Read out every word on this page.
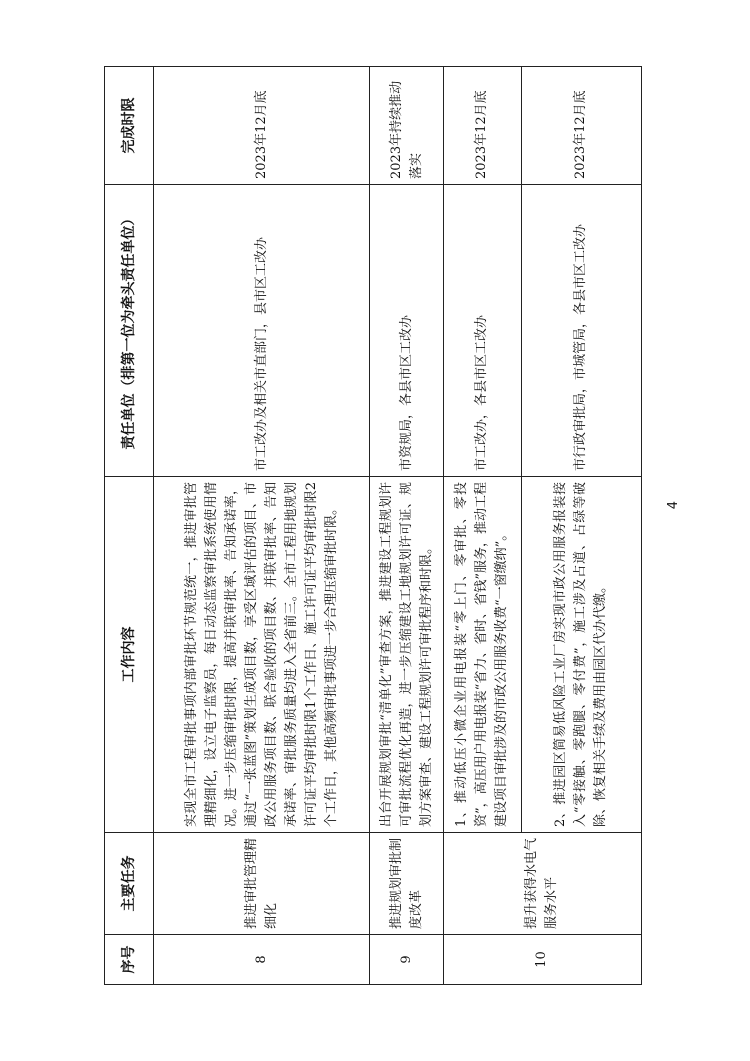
序号	主要任务	工作内容	责任单位（排第一位为牵头责任单位）	完成时限
8	推进审批管理精细化	实现全市工程审批事项内部审批环节规范统一，推进审批管理精细化，设立电子监察员，每日动态监察审批系统使用情况。进一步压缩审批时限，提高并联审批率、告知承诺率，通过“一张蓝图”策划生成项目数，享受区域评估的项目、市政公用服务项目数、联合验收的项目数、并联审批率、告知承诺率、审批服务质量均进入全省前三。全市工程用地规划许可证平均审批时限1个工作日、施工许可证平均审批时限2个工作日，其他高频审批事项进一步合理压缩审批时限。	市工改办及相关市直部门，县市区工改办	2023年12月底
9	推进规划审批制度改革	出台开展规划审批“清单化”审查方案，推进建设工程规划许可审批流程优化再造，进一步压缩建设工地规划许可证、规划方案审查、建设工程规划许可审批程序和时限。	市资规局，各县市区工改办	2023年持续推动落实
10	提升获得水电气服务水平	1、推动低压小微企业用电报装“零上门、零审批、零投资”，高压用户用电报装“省力、省时、省钱”服务，推动工程建设项目审批涉及的市政公用服务收费“一窗缴纳”。	市工改办，各县市区工改办	2023年12月底
		2、推进园区简易低风险工业厂房实现市政公用服务报装接入“零接触、零跑腿、零付费”，施工涉及占道、占绿等破除、恢复相关手续及费用由园区代办代缴。	市行政审批局，市城管局，各县市区工改办	2023年12月底
4
